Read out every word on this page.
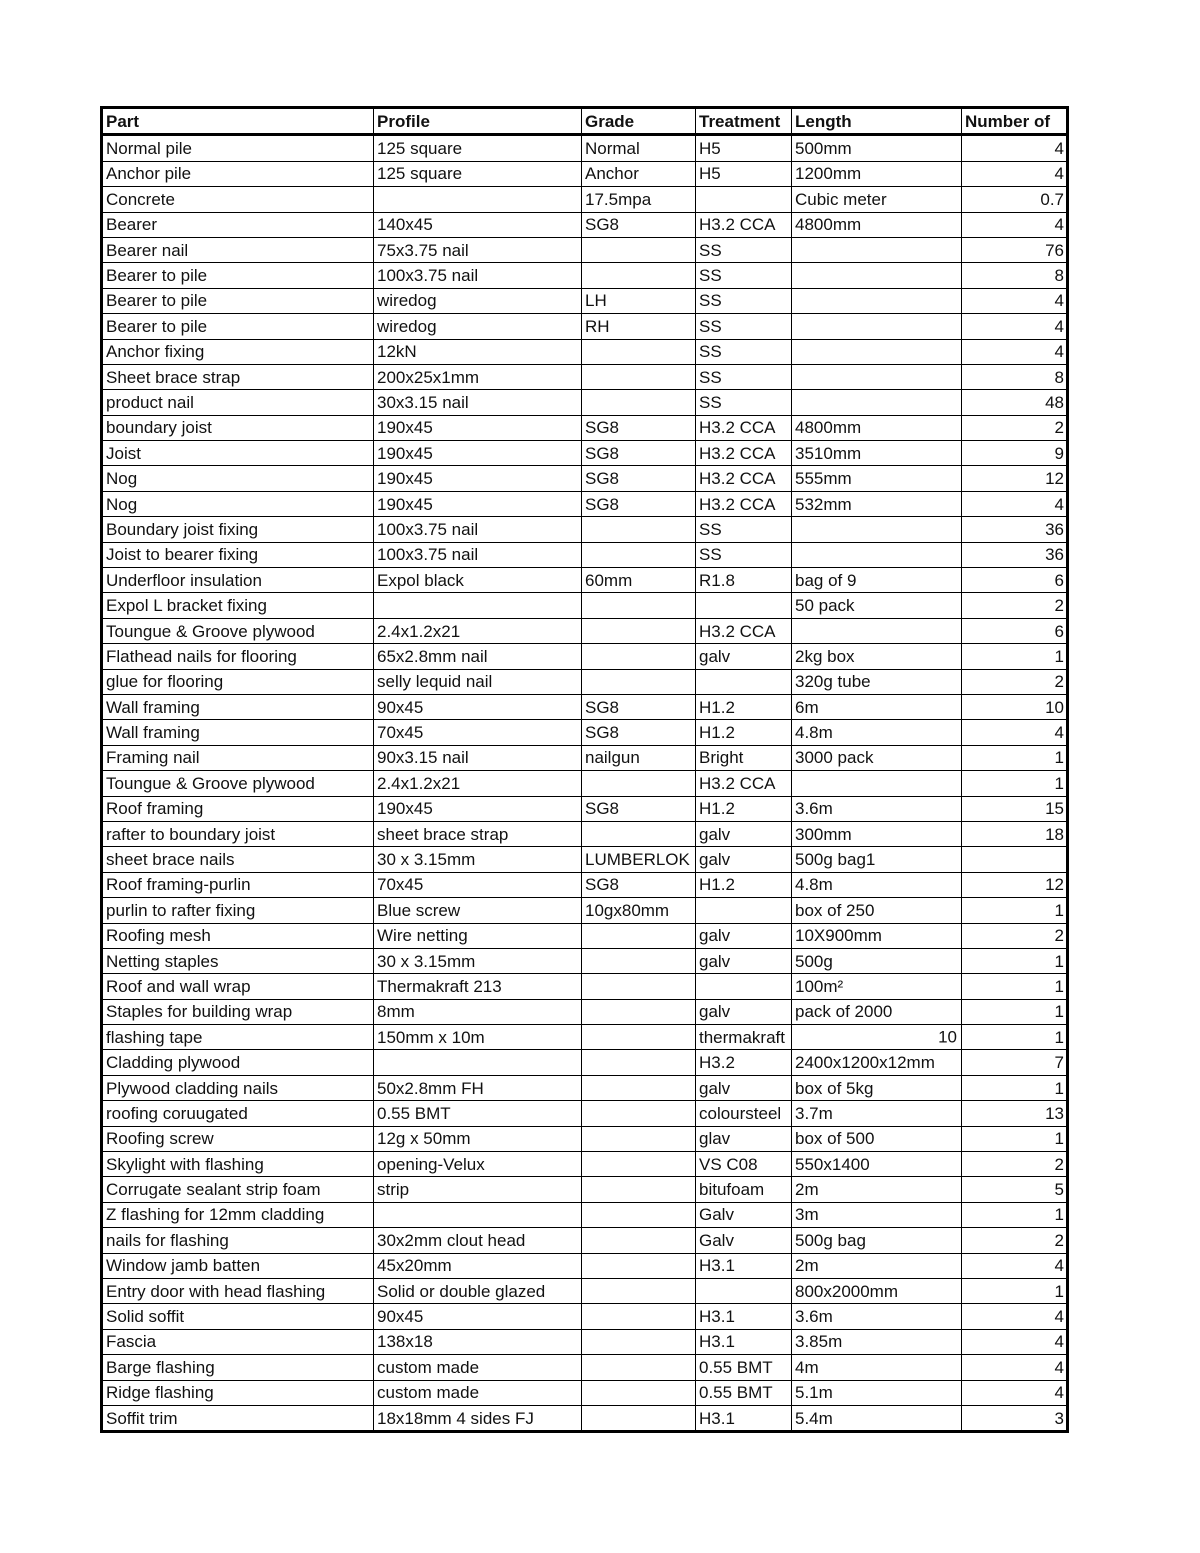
Part	Profile	Grade	Treatment	Length	Number of
Normal pile	125 square	Normal	H5	500mm	4
Anchor pile	125 square	Anchor	H5	1200mm	4
Concrete		17.5mpa		Cubic meter	0.7
Bearer	140x45	SG8	H3.2 CCA	4800mm	4
Bearer nail	75x3.75 nail		SS		76
Bearer to pile	100x3.75 nail		SS		8
Bearer to pile	wiredog	LH	SS		4
Bearer to pile	wiredog	RH	SS		4
Anchor fixing	12kN		SS		4
Sheet brace strap	200x25x1mm		SS		8
product nail	30x3.15 nail		SS		48
boundary joist	190x45	SG8	H3.2 CCA	4800mm	2
Joist	190x45	SG8	H3.2 CCA	3510mm	9
Nog	190x45	SG8	H3.2 CCA	555mm	12
Nog	190x45	SG8	H3.2 CCA	532mm	4
Boundary joist fixing	100x3.75 nail		SS		36
Joist to bearer fixing	100x3.75 nail		SS		36
Underfloor insulation	Expol black	60mm	R1.8	bag of 9	6
Expol L bracket fixing				50 pack	2
Toungue & Groove plywood	2.4x1.2x21		H3.2 CCA		6
Flathead nails for flooring	65x2.8mm nail		galv	2kg box	1
glue for flooring	selly lequid nail			320g tube	2
Wall framing	90x45	SG8	H1.2	6m	10
Wall framing	70x45	SG8	H1.2	4.8m	4
Framing nail	90x3.15 nail	nailgun	Bright	3000 pack	1
Toungue & Groove plywood	2.4x1.2x21		H3.2 CCA		1
Roof framing	190x45	SG8	H1.2	3.6m	15
rafter to boundary joist	sheet brace strap		galv	300mm	18
sheet brace nails	30 x 3.15mm	LUMBERLOK	galv	500g bag1	
Roof framing-purlin	70x45	SG8	H1.2	4.8m	12
purlin to rafter fixing	Blue screw	10gx80mm		box of 250	1
Roofing mesh	Wire netting		galv	10X900mm	2
Netting staples	30 x 3.15mm		galv	500g	1
Roof and wall wrap	Thermakraft 213			100m²	1
Staples for building wrap	8mm		galv	pack of 2000	1
flashing tape	150mm x 10m		thermakraft	10	1
Cladding plywood			H3.2	2400x1200x12mm	7
Plywood cladding nails	50x2.8mm FH		galv	box of 5kg	1
roofing coruugated	0.55 BMT		coloursteel	3.7m	13
Roofing screw	12g x 50mm		glav	box of 500	1
Skylight with flashing	opening-Velux		VS C08	550x1400	2
Corrugate sealant strip foam	strip		bitufoam	2m	5
Z flashing for 12mm cladding			Galv	3m	1
nails for flashing	30x2mm clout head		Galv	500g bag	2
Window jamb batten	45x20mm		H3.1	2m	4
Entry door with head flashing	Solid or double glazed			800x2000mm	1
Solid soffit	90x45		H3.1	3.6m	4
Fascia	138x18		H3.1	3.85m	4
Barge flashing	custom made		0.55 BMT	4m	4
Ridge flashing	custom made		0.55 BMT	5.1m	4
Soffit trim	18x18mm 4 sides FJ		H3.1	5.4m	3
